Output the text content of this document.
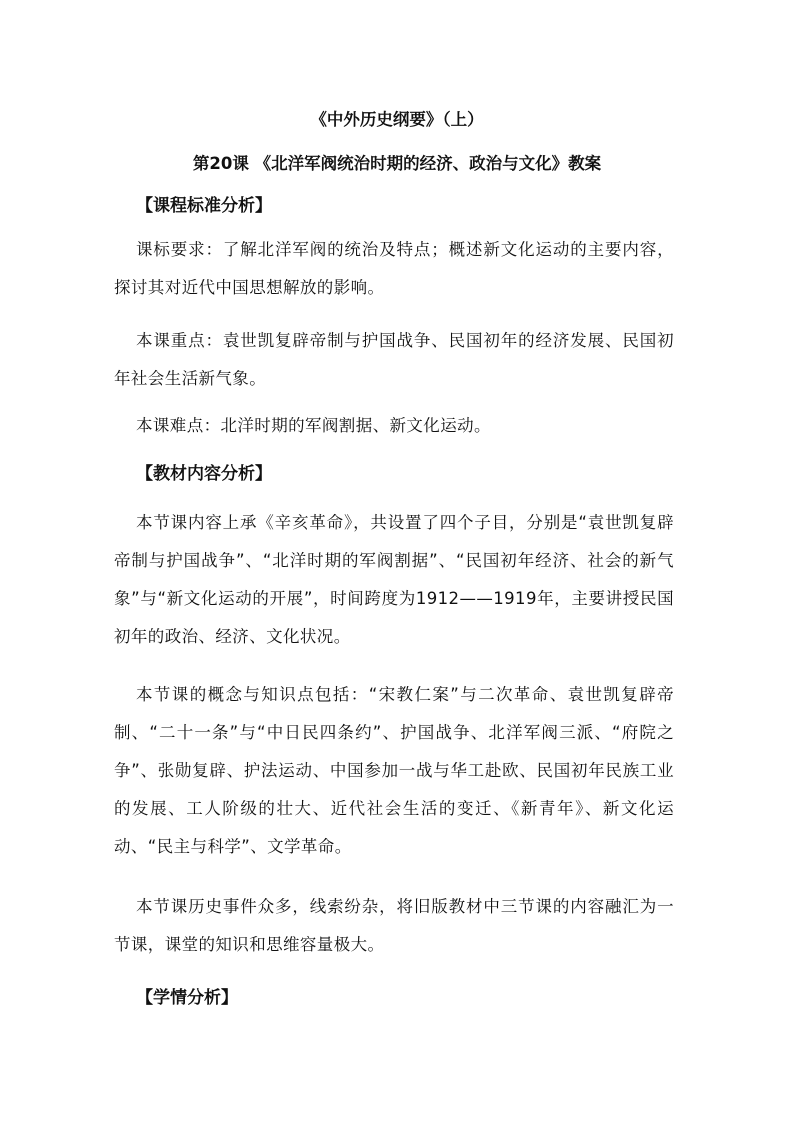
《中外历史纲要》（上）
第20课 《北洋军阀统治时期的经济、政治与文化》教案
【课程标准分析】
课标要求：了解北洋军阀的统治及特点；概述新文化运动的主要内容，探讨其对近代中国思想解放的影响。
本课重点：袁世凯复辟帝制与护国战争、民国初年的经济发展、民国初年社会生活新气象。
本课难点：北洋时期的军阀割据、新文化运动。
【教材内容分析】
本节课内容上承《辛亥革命》，共设置了四个子目，分别是“袁世凯复辟帝制与护国战争”、“北洋时期的军阀割据”、“民国初年经济、社会的新气象”与“新文化运动的开展”，时间跨度为1912——1919年，主要讲授民国初年的政治、经济、文化状况。
本节课的概念与知识点包括：“宋教仁案”与二次革命、袁世凯复辟帝制、“二十一条”与“中日民四条约”、护国战争、北洋军阀三派、“府院之争”、张勋复辟、护法运动、中国参加一战与华工赴欧、民国初年民族工业的发展、工人阶级的壮大、近代社会生活的变迁、《新青年》、新文化运动、“民主与科学”、文学革命。
本节课历史事件众多，线索纷杂，将旧版教材中三节课的内容融汇为一节课，课堂的知识和思维容量极大。
【学情分析】
